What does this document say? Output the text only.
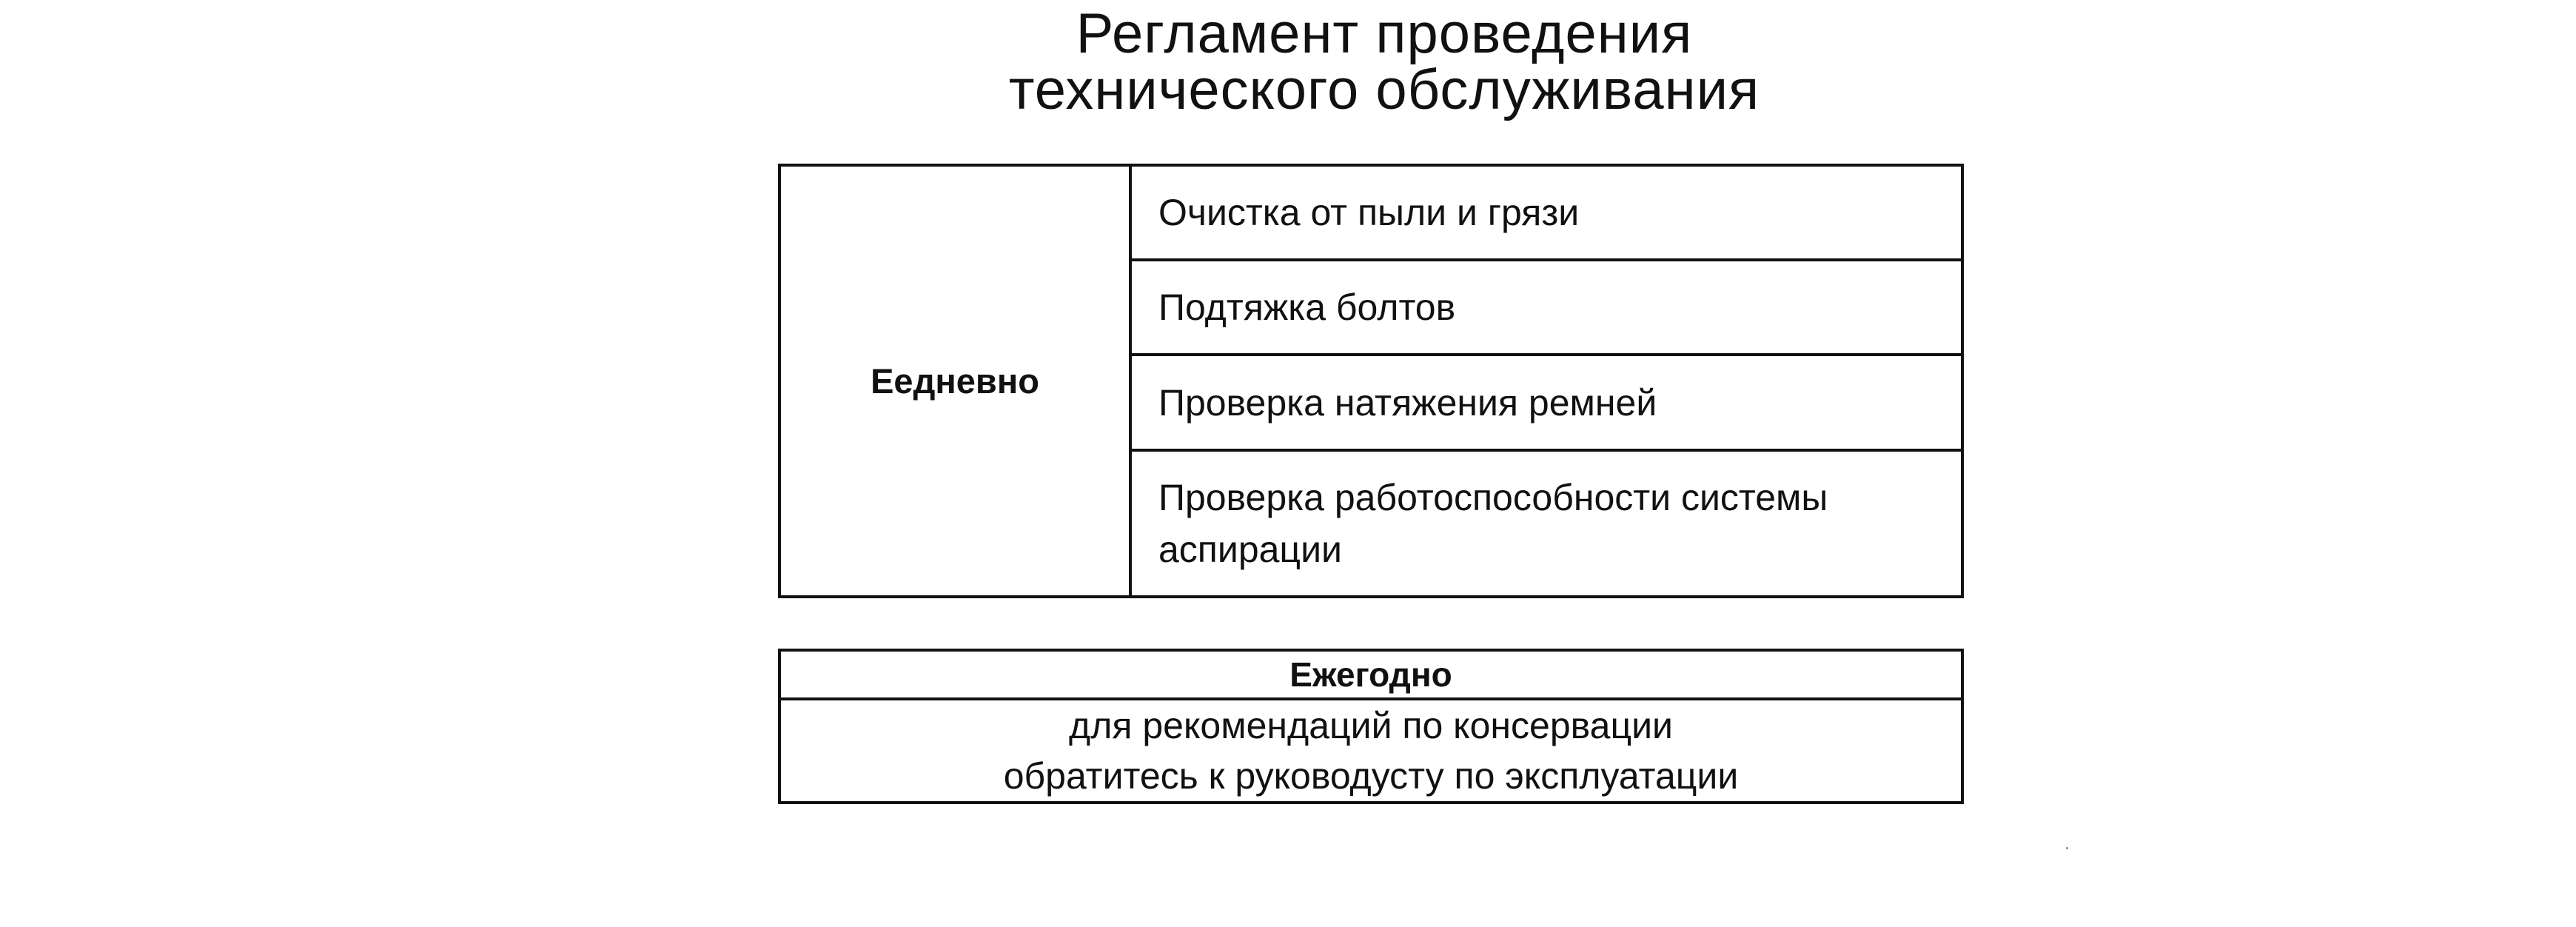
Регламент проведения
технического обслуживания
Еедневно
Очистка от пыли и грязи
Подтяжка болтов
Проверка натяжения ремней
Проверка работоспособности системы аспирации
Ежегодно
для рекомендаций по консервации
обратитесь к руководусту по эксплуатации
